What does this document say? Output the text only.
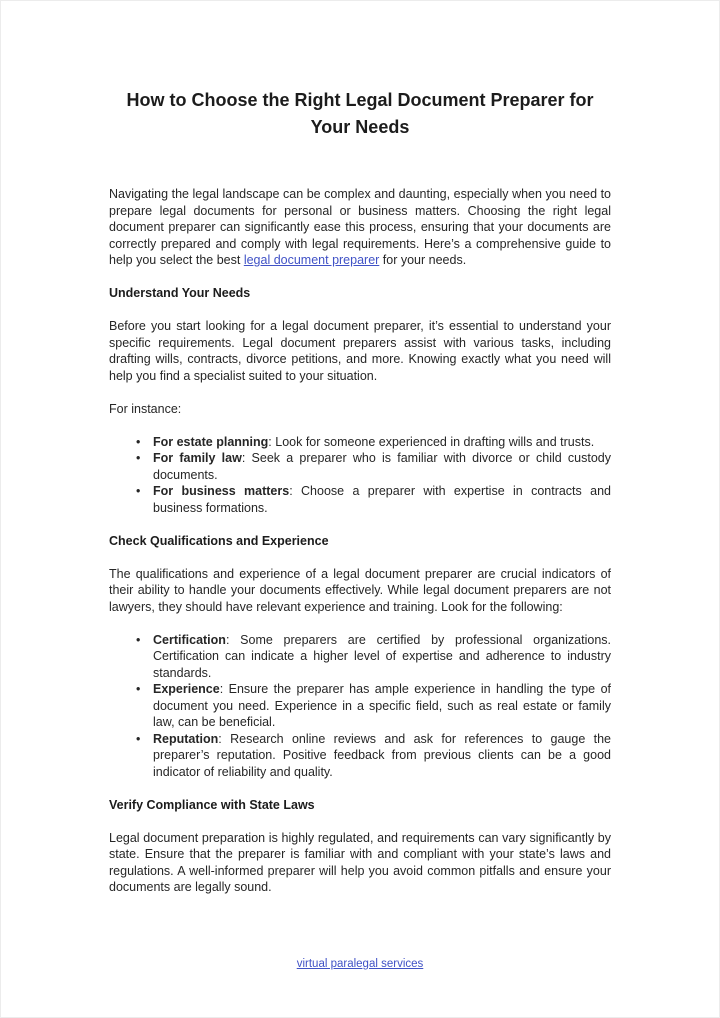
How to Choose the Right Legal Document Preparer for Your Needs

Navigating the legal landscape can be complex and daunting, especially when you need to prepare legal documents for personal or business matters. Choosing the right legal document preparer can significantly ease this process, ensuring that your documents are correctly prepared and comply with legal requirements. Here’s a comprehensive guide to help you select the best legal document preparer for your needs.

Understand Your Needs

Before you start looking for a legal document preparer, it’s essential to understand your specific requirements. Legal document preparers assist with various tasks, including drafting wills, contracts, divorce petitions, and more. Knowing exactly what you need will help you find a specialist suited to your situation.

For instance:

• For estate planning: Look for someone experienced in drafting wills and trusts.
• For family law: Seek a preparer who is familiar with divorce or child custody documents.
• For business matters: Choose a preparer with expertise in contracts and business formations.
Check Qualifications and Experience

The qualifications and experience of a legal document preparer are crucial indicators of their ability to handle your documents effectively. While legal document preparers are not lawyers, they should have relevant experience and training. Look for the following:

• Certification: Some preparers are certified by professional organizations. Certification can indicate a higher level of expertise and adherence to industry standards.
• Experience: Ensure the preparer has ample experience in handling the type of document you need. Experience in a specific field, such as real estate or family law, can be beneficial.
• Reputation: Research online reviews and ask for references to gauge the preparer’s reputation. Positive feedback from previous clients can be a good indicator of reliability and quality.
Verify Compliance with State Laws

Legal document preparation is highly regulated, and requirements can vary significantly by state. Ensure that the preparer is familiar with and compliant with your state’s laws and regulations. A well-informed preparer will help you avoid common pitfalls and ensure your documents are legally sound.

virtual paralegal services
